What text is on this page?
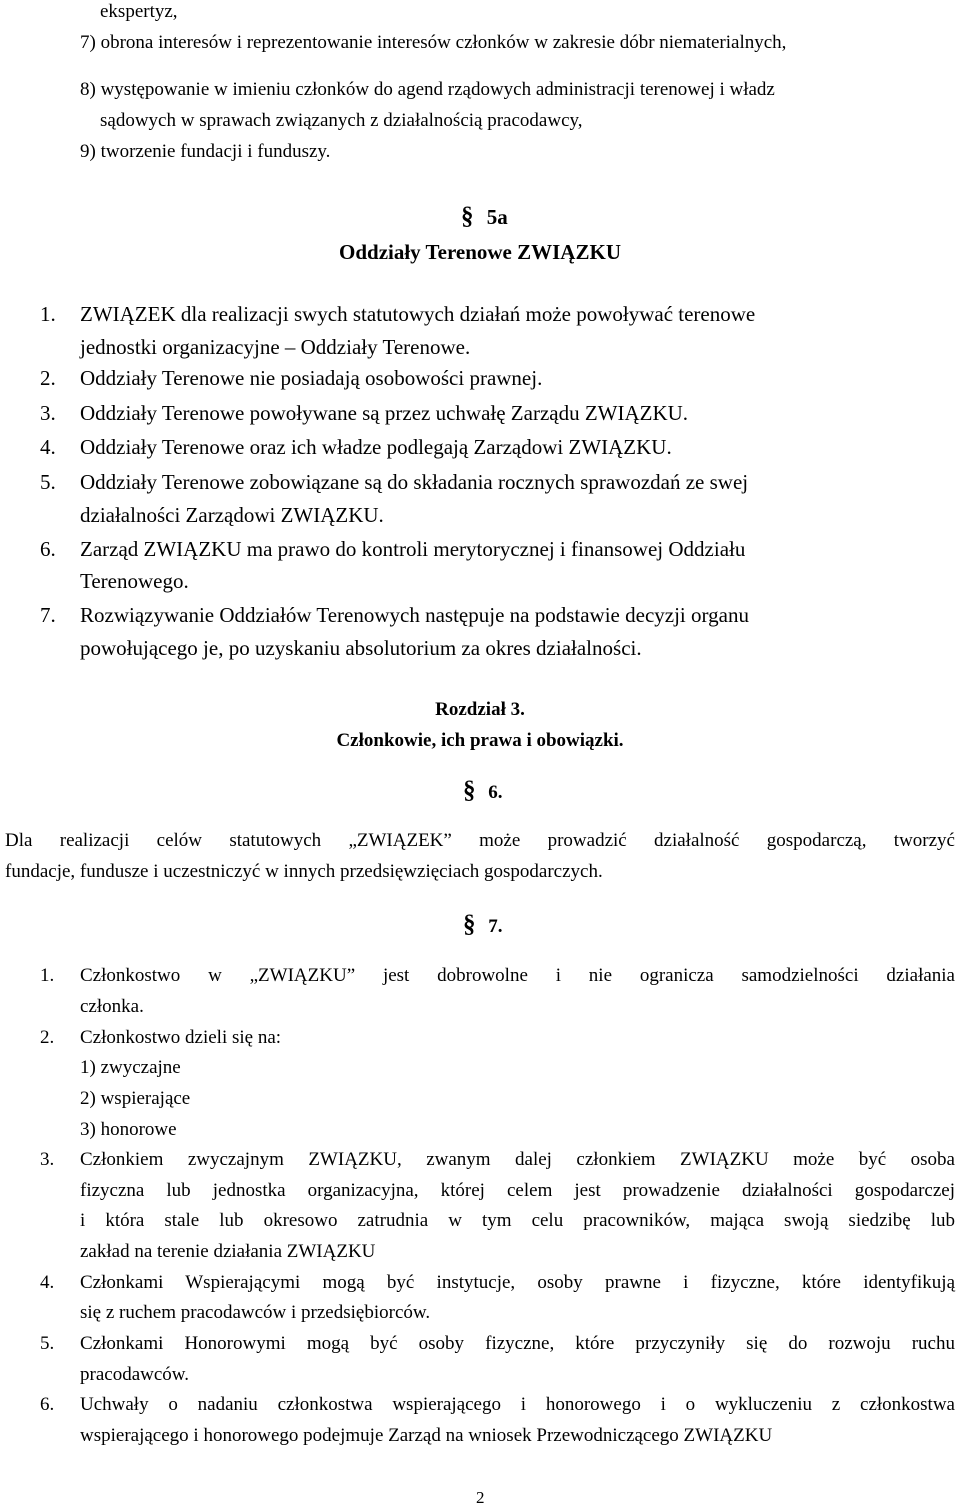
ekspertyz,
7) obrona interesów i reprezentowanie interesów członków w zakresie dóbr niematerialnych,
8) występowanie w imieniu członków do agend rządowych administracji terenowej i władz
sądowych w sprawach związanych z działalnością pracodawcy,
9) tworzenie fundacji i funduszy.
§ 5a
Oddziały Terenowe ZWIĄZKU
1. ZWIĄZEK dla realizacji swych statutowych działań może powoływać terenowe
jednostki organizacyjne – Oddziały Terenowe.
2. Oddziały Terenowe nie posiadają osobowości prawnej.
3. Oddziały Terenowe powoływane są przez uchwałę Zarządu ZWIĄZKU.
4. Oddziały Terenowe oraz ich władze podlegają Zarządowi ZWIĄZKU.
5. Oddziały Terenowe zobowiązane są do składania rocznych sprawozdań ze swej
działalności Zarządowi ZWIĄZKU.
6. Zarząd ZWIĄZKU ma prawo do kontroli merytorycznej i finansowej Oddziału
Terenowego.
7. Rozwiązywanie Oddziałów Terenowych następuje na podstawie decyzji organu
powołującego je, po uzyskaniu absolutorium za okres działalności.
Rozdział 3.
Członkowie, ich prawa i obowiązki.
§ 6.
Dla realizacji celów statutowych „ZWIĄZEK” może prowadzić działalność gospodarczą, tworzyć
fundacje, fundusze i uczestniczyć w innych przedsięwzięciach gospodarczych.
§ 7.
1. Członkostwo w „ZWIĄZKU” jest dobrowolne i nie ogranicza samodzielności działania
członka.
2. Członkostwo dzieli się na:
1) zwyczajne
2) wspierające
3) honorowe
3. Członkiem zwyczajnym ZWIĄZKU, zwanym dalej członkiem ZWIĄZKU może być osoba
fizyczna lub jednostka organizacyjna, której celem jest prowadzenie działalności gospodarczej
i która stale lub okresowo zatrudnia w tym celu pracowników, mająca swoją siedzibę lub
zakład na terenie działania ZWIĄZKU
4. Członkami Wspierającymi mogą być instytucje, osoby prawne i fizyczne, które identyfikują
się z ruchem pracodawców i przedsiębiorców.
5. Członkami Honorowymi mogą być osoby fizyczne, które przyczyniły się do rozwoju ruchu
pracodawców.
6. Uchwały o nadaniu członkostwa wspierającego i honorowego i o wykluczeniu z członkostwa
wspierającego i honorowego podejmuje Zarząd na wniosek Przewodniczącego ZWIĄZKU
2
